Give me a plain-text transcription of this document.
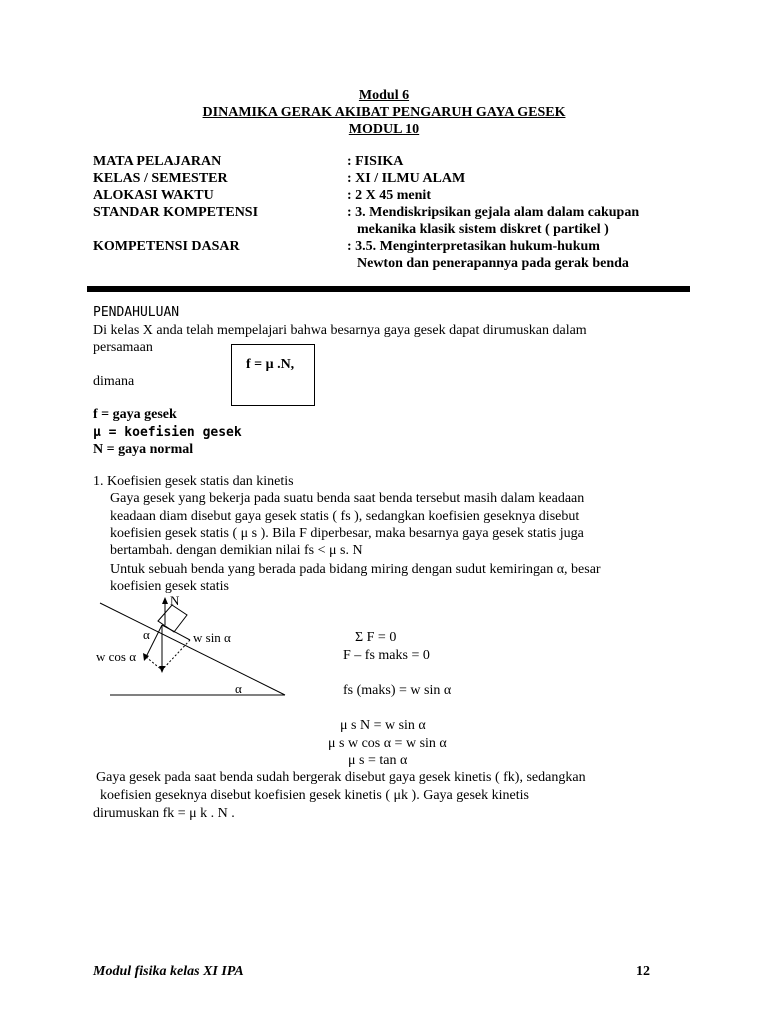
Modul 6
DINAMIKA GERAK AKIBAT PENGARUH GAYA GESEK
MODUL 10
MATA PELAJARAN	: FISIKA
KELAS / SEMESTER	: XI / ILMU ALAM
ALOKASI WAKTU	: 2 X 45 menit
STANDAR KOMPETENSI	: 3. Mendiskripsikan gejala alam dalam cakupan
mekanika klasik sistem diskret ( partikel )
KOMPETENSI DASAR	: 3.5. Menginterpretasikan hukum-hukum
Newton dan penerapannya pada gerak benda
PENDAHULUAN
Di kelas X anda telah mempelajari bahwa besarnya gaya gesek dapat dirumuskan dalam
persamaan
f = μ .N,
dimana
f = gaya gesek
μ = koefisien gesek
N = gaya normal
1. Koefisien gesek statis dan kinetis
Gaya gesek yang bekerja pada suatu benda saat benda tersebut masih dalam keadaan
keadaan diam disebut gaya gesek statis ( fs ), sedangkan koefisien geseknya disebut
koefisien gesek statis ( μ s ). Bila F diperbesar, maka besarnya gaya gesek statis juga
bertambah. dengan demikian nilai fs < μ s. N
Untuk sebuah benda yang berada pada bidang miring dengan sudut kemiringan α, besar
koefisien gesek statis
N
α	w sin α
w cos α
α
Σ F = 0
F – fs maks = 0
fs (maks) = w sin α
μ s N = w sin α
μ s w cos α = w sin α
μ s = tan α
Gaya gesek pada saat benda sudah bergerak disebut gaya gesek kinetis ( fk), sedangkan
koefisien geseknya disebut koefisien gesek kinetis ( μk ). Gaya gesek kinetis
dirumuskan fk = μ k . N .
Modul fisika kelas XI IPA	12
